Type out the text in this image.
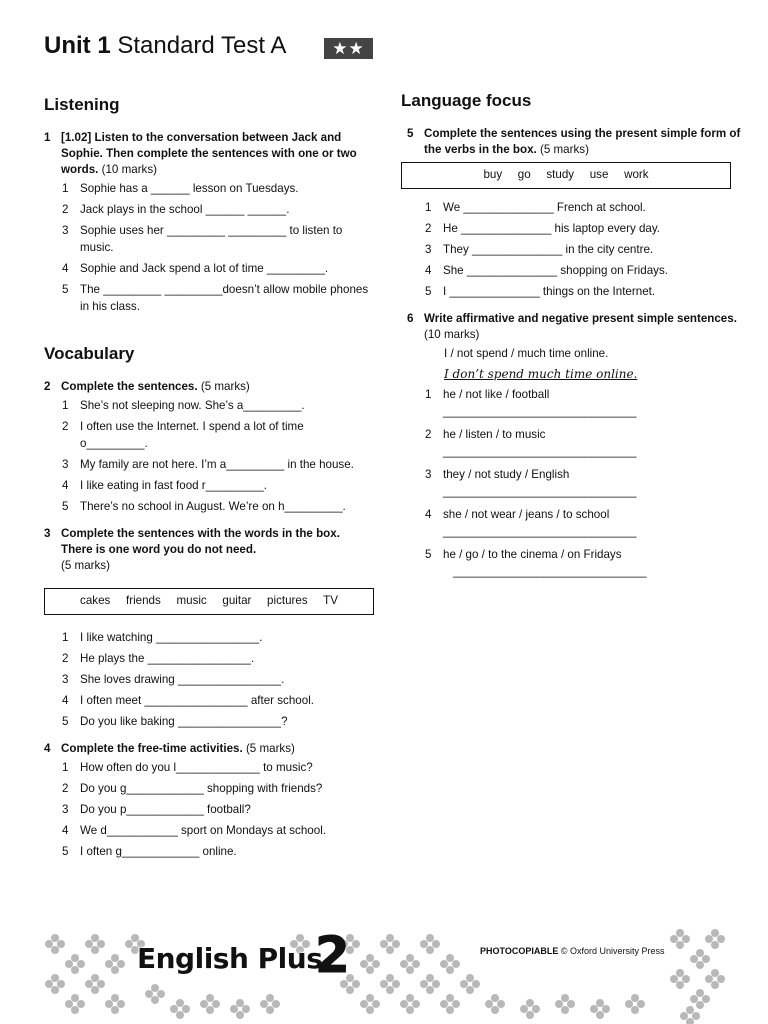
Unit 1 Standard Test A	★★
Listening

1 [1.02] Listen to the conversation between Jack and Sophie. Then complete the sentences with one or two words. (10 marks)

1 Sophie has a ______ lesson on Tuesdays.
2 Jack plays in the school ______ ______.
3 Sophie uses her _________ _________ to listen to music.
4 Sophie and Jack spend a lot of time _________.
5 The _________ _________doesn’t allow mobile phones in his class.
Vocabulary

2 Complete the sentences. (5 marks)

1 She’s not sleeping now. She’s a_________.
2 I often use the Internet. I spend a lot of time o_________.
3 My family are not here. I’m a_________ in the house.
4 I like eating in fast food r_________.
5 There’s no school in August. We’re on h_________.

3 Complete the sentences with the words in the box. There is one word you do not need.
(5 marks)

cakes   friends   music   guitar   pictures   TV
1 I like watching ________________.
2 He plays the ________________.
3 She loves drawing ________________.
4 I often meet ________________ after school.
5 Do you like baking ________________?

4 Complete the free-time activities. (5 marks)

1 How often do you l_____________ to music?
2 Do you g____________ shopping with friends?
3 Do you p____________ football?
4 We d___________ sport on Mondays at school.
5 I often g____________ online.
Language focus

5 Complete the sentences using the present simple form of the verbs in the box. (5 marks)

buy   go   study   use   work
1 We ______________ French at school.
2 He ______________ his laptop every day.
3 They ______________ in the city centre.
4 She ______________ shopping on Fridays.
5 I ______________ things on the Internet.

6 Write affirmative and negative present simple sentences. (10 marks)

I / not spend / much time online.
I don’t spend much time online.
1 he / not like / football
______________________________
2 he / listen / to music
______________________________
3 they / not study / English
______________________________
4 she / not wear / jeans / to school
______________________________
5 he / go / to the cinema / on Fridays
______________________________
English Plus
2	PHOTOCOPIABLE © Oxford University Press
